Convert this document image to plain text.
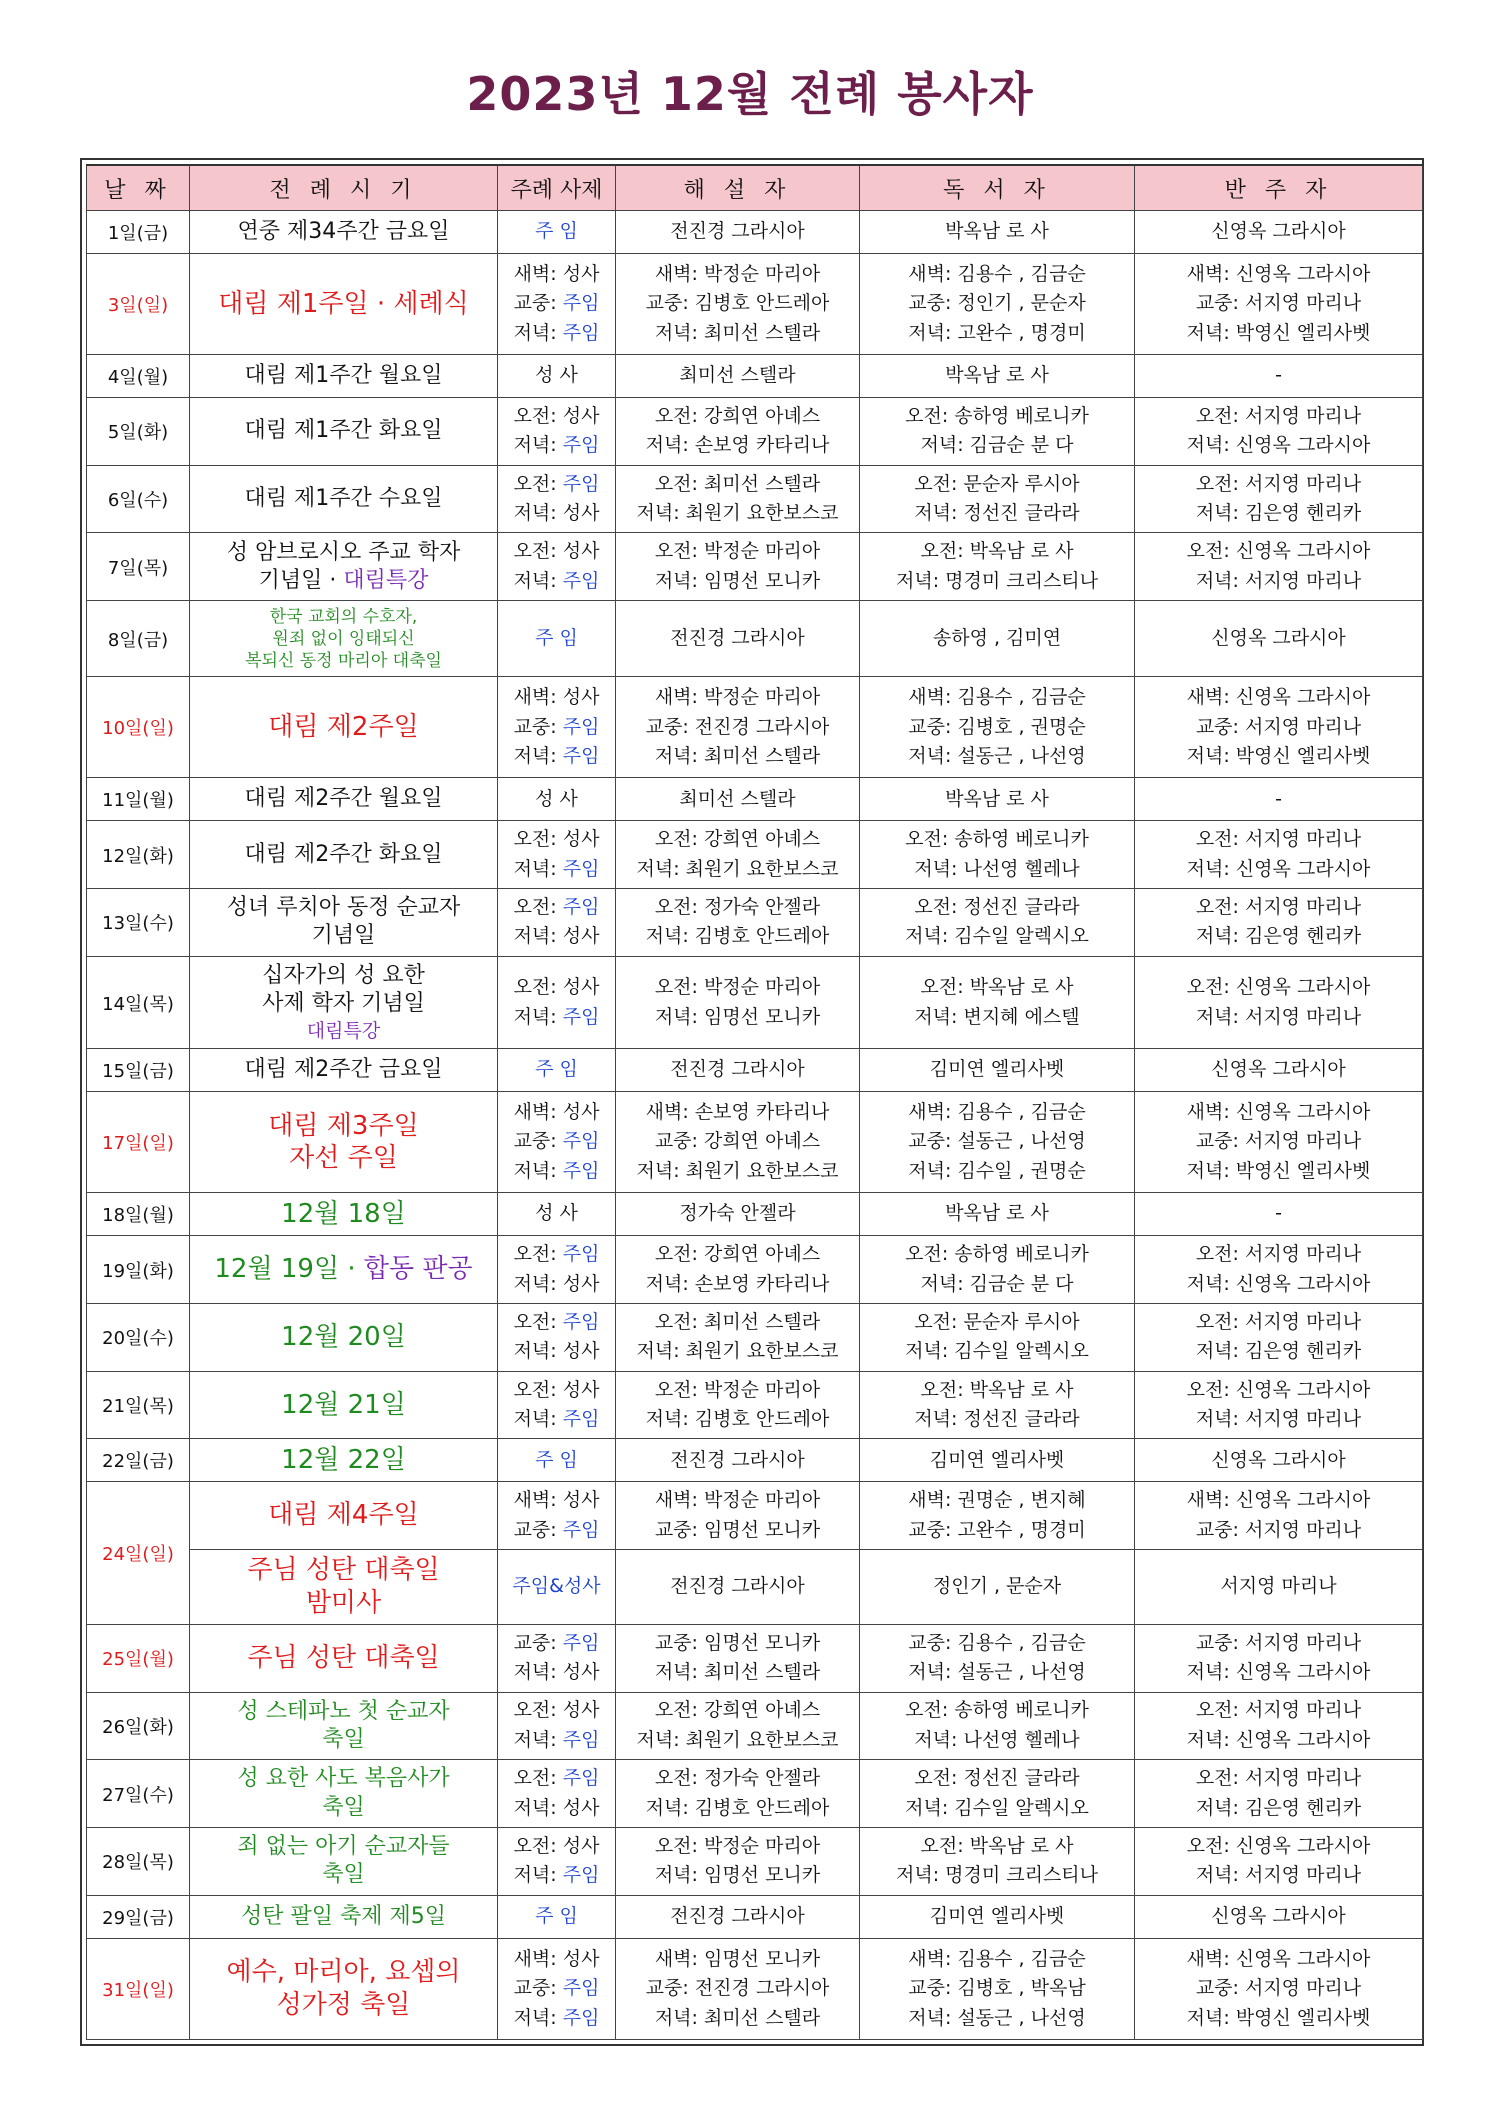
2023년 12월 전례 봉사자
날 짜	전 례 시 기	주례 사제	해 설 자	독 서 자	반 주 자
1일(금)	연중 제34주간 금요일	주 임	전진경 그라시아	박옥남 로 사	신영옥 그라시아

3일(일)	대림 제1주일 · 세례식	새벽: 성사
교중: 주임
저녁: 주임	새벽: 박정순 마리아
교중: 김병호 안드레아
저녁: 최미선 스텔라	새벽: 김용수 , 김금순
교중: 정인기 , 문순자
저녁: 고완수 , 명경미	새벽: 신영옥 그라시아
교중: 서지영 마리나
저녁: 박영신 엘리사벳

4일(월)	대림 제1주간 월요일	성 사	최미선 스텔라	박옥남 로 사	-

5일(화)	대림 제1주간 화요일	오전: 성사
저녁: 주임	오전: 강희연 아녜스
저녁: 손보영 카타리나	오전: 송하영 베로니카
저녁: 김금순 분 다	오전: 서지영 마리나
저녁: 신영옥 그라시아

6일(수)	대림 제1주간 수요일	오전: 주임
저녁: 성사	오전: 최미선 스텔라
저녁: 최원기 요한보스코	오전: 문순자 루시아
저녁: 정선진 글라라	오전: 서지영 마리나
저녁: 김은영 헨리카

7일(목)	성 암브로시오 주교 학자
기념일 · 대림특강	오전: 성사
저녁: 주임	오전: 박정순 마리아
저녁: 임명선 모니카	오전: 박옥남 로 사
저녁: 명경미 크리스티나	오전: 신영옥 그라시아
저녁: 서지영 마리나

8일(금)	한국 교회의 수호자,
원죄 없이 잉태되신
복되신 동정 마리아 대축일	주 임	전진경 그라시아	송하영 , 김미연	신영옥 그라시아

10일(일)	대림 제2주일	새벽: 성사
교중: 주임
저녁: 주임	새벽: 박정순 마리아
교중: 전진경 그라시아
저녁: 최미선 스텔라	새벽: 김용수 , 김금순
교중: 김병호 , 권명순
저녁: 설동근 , 나선영	새벽: 신영옥 그라시아
교중: 서지영 마리나
저녁: 박영신 엘리사벳

11일(월)	대림 제2주간 월요일	성 사	최미선 스텔라	박옥남 로 사	-

12일(화)	대림 제2주간 화요일	오전: 성사
저녁: 주임	오전: 강희연 아녜스
저녁: 최원기 요한보스코	오전: 송하영 베로니카
저녁: 나선영 헬레나	오전: 서지영 마리나
저녁: 신영옥 그라시아

13일(수)	성녀 루치아 동정 순교자
기념일	오전: 주임
저녁: 성사	오전: 정가숙 안젤라
저녁: 김병호 안드레아	오전: 정선진 글라라
저녁: 김수일 알렉시오	오전: 서지영 마리나
저녁: 김은영 헨리카

14일(목)	십자가의 성 요한
사제 학자 기념일
대림특강	오전: 성사
저녁: 주임	오전: 박정순 마리아
저녁: 임명선 모니카	오전: 박옥남 로 사
저녁: 변지혜 에스텔	오전: 신영옥 그라시아
저녁: 서지영 마리나

15일(금)	대림 제2주간 금요일	주 임	전진경 그라시아	김미연 엘리사벳	신영옥 그라시아

17일(일)	대림 제3주일
자선 주일	새벽: 성사
교중: 주임
저녁: 주임	새벽: 손보영 카타리나
교중: 강희연 아녜스
저녁: 최원기 요한보스코	새벽: 김용수 , 김금순
교중: 설동근 , 나선영
저녁: 김수일 , 권명순	새벽: 신영옥 그라시아
교중: 서지영 마리나
저녁: 박영신 엘리사벳

18일(월)	12월 18일	성 사	정가숙 안젤라	박옥남 로 사	-

19일(화)	12월 19일 · 합동 판공	오전: 주임
저녁: 성사	오전: 강희연 아녜스
저녁: 손보영 카타리나	오전: 송하영 베로니카
저녁: 김금순 분 다	오전: 서지영 마리나
저녁: 신영옥 그라시아

20일(수)	12월 20일	오전: 주임
저녁: 성사	오전: 최미선 스텔라
저녁: 최원기 요한보스코	오전: 문순자 루시아
저녁: 김수일 알렉시오	오전: 서지영 마리나
저녁: 김은영 헨리카

21일(목)	12월 21일	오전: 성사
저녁: 주임	오전: 박정순 마리아
저녁: 김병호 안드레아	오전: 박옥남 로 사
저녁: 정선진 글라라	오전: 신영옥 그라시아
저녁: 서지영 마리나

22일(금)	12월 22일	주 임	전진경 그라시아	김미연 엘리사벳	신영옥 그라시아

24일(일)	대림 제4주일	새벽: 성사
교중: 주임	새벽: 박정순 마리아
교중: 임명선 모니카	새벽: 권명순 , 변지혜
교중: 고완수 , 명경미	새벽: 신영옥 그라시아
교중: 서지영 마리나

	주님 성탄 대축일
밤미사	주임&성사	전진경 그라시아	정인기 , 문순자	서지영 마리나

25일(월)	주님 성탄 대축일	교중: 주임
저녁: 성사	교중: 임명선 모니카
저녁: 최미선 스텔라	교중: 김용수 , 김금순
저녁: 설동근 , 나선영	교중: 서지영 마리나
저녁: 신영옥 그라시아

26일(화)	성 스테파노 첫 순교자
축일	오전: 성사
저녁: 주임	오전: 강희연 아녜스
저녁: 최원기 요한보스코	오전: 송하영 베로니카
저녁: 나선영 헬레나	오전: 서지영 마리나
저녁: 신영옥 그라시아

27일(수)	성 요한 사도 복음사가
축일	오전: 주임
저녁: 성사	오전: 정가숙 안젤라
저녁: 김병호 안드레아	오전: 정선진 글라라
저녁: 김수일 알렉시오	오전: 서지영 마리나
저녁: 김은영 헨리카

28일(목)	죄 없는 아기 순교자들
축일	오전: 성사
저녁: 주임	오전: 박정순 마리아
저녁: 임명선 모니카	오전: 박옥남 로 사
저녁: 명경미 크리스티나	오전: 신영옥 그라시아
저녁: 서지영 마리나

29일(금)	성탄 팔일 축제 제5일	주 임	전진경 그라시아	김미연 엘리사벳	신영옥 그라시아

31일(일)	예수, 마리아, 요셉의
성가정 축일	새벽: 성사
교중: 주임
저녁: 주임	새벽: 임명선 모니카
교중: 전진경 그라시아
저녁: 최미선 스텔라	새벽: 김용수 , 김금순
교중: 김병호 , 박옥남
저녁: 설동근 , 나선영	새벽: 신영옥 그라시아
교중: 서지영 마리나
저녁: 박영신 엘리사벳
